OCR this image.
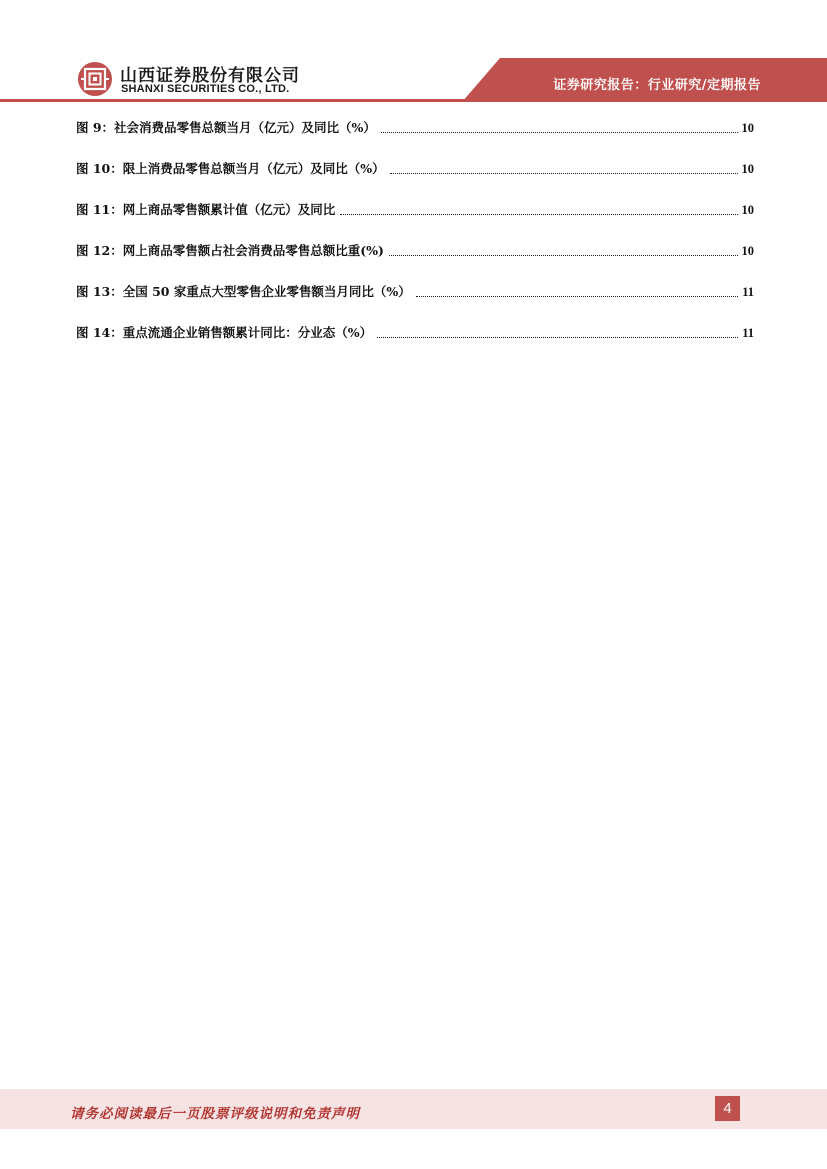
山西证券股份有限公司
SHANXI SECURITIES CO., LTD.	证券研究报告：行业研究/定期报告
图 9：社会消费品零售总额当月（亿元）及同比（%）	10
图 10：限上消费品零售总额当月（亿元）及同比（%）	10
图 11：网上商品零售额累计值（亿元）及同比	10
图 12：网上商品零售额占社会消费品零售总额比重(%)	10
图 13：全国 50 家重点大型零售企业零售额当月同比（%）	11
图 14：重点流通企业销售额累计同比：分业态（%）	11
请务必阅读最后一页股票评级说明和免责声明	4
